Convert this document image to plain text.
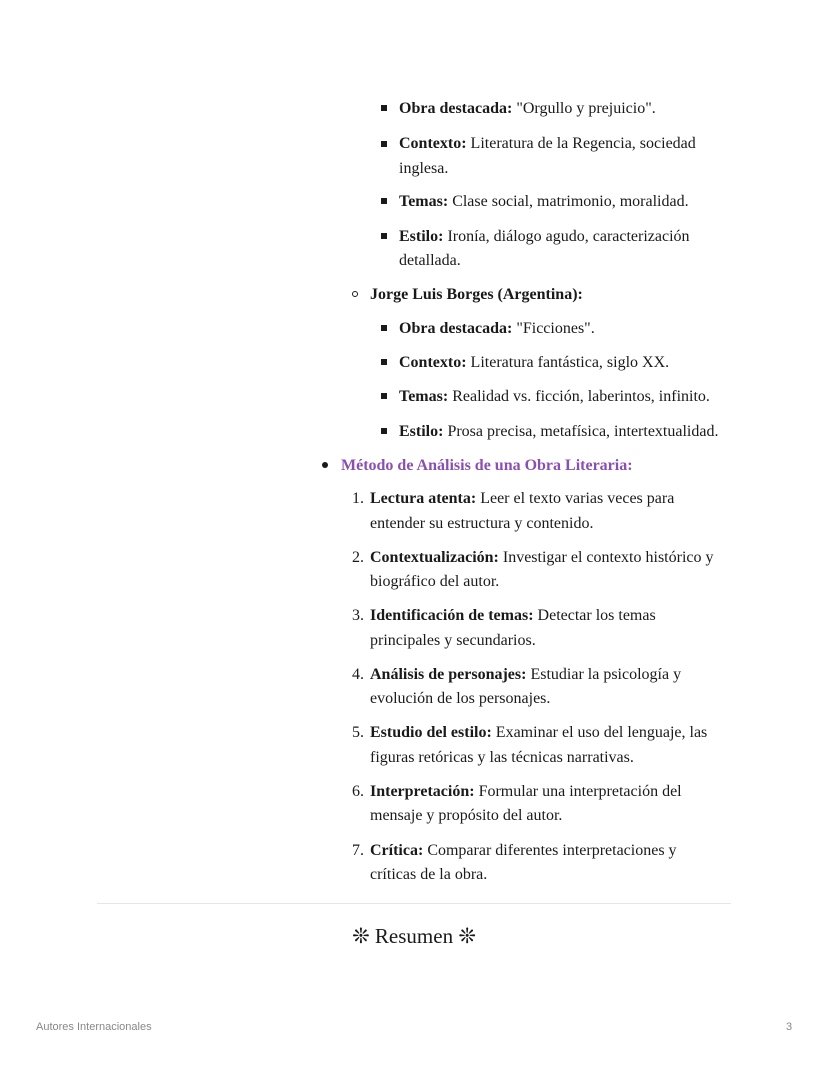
Obra destacada: "Orgullo y prejuicio".
Contexto: Literatura de la Regencia, sociedad
inglesa.
Temas: Clase social, matrimonio, moralidad.
Estilo: Ironía, diálogo agudo, caracterización
detallada.
Jorge Luis Borges (Argentina):
Obra destacada: "Ficciones".
Contexto: Literatura fantástica, siglo XX.
Temas: Realidad vs. ficción, laberintos, infinito.
Estilo: Prosa precisa, metafísica, intertextualidad.
Método de Análisis de una Obra Literaria:
1. Lectura atenta: Leer el texto varias veces para
entender su estructura y contenido.
2. Contextualización: Investigar el contexto histórico y
biográfico del autor.
3. Identificación de temas: Detectar los temas
principales y secundarios.
4. Análisis de personajes: Estudiar la psicología y
evolución de los personajes.
5. Estudio del estilo: Examinar el uso del lenguaje, las
figuras retóricas y las técnicas narrativas.
6. Interpretación: Formular una interpretación del
mensaje y propósito del autor.
7. Crítica: Comparar diferentes interpretaciones y
críticas de la obra.
❊ Resumen ❊
Autores Internacionales	3
